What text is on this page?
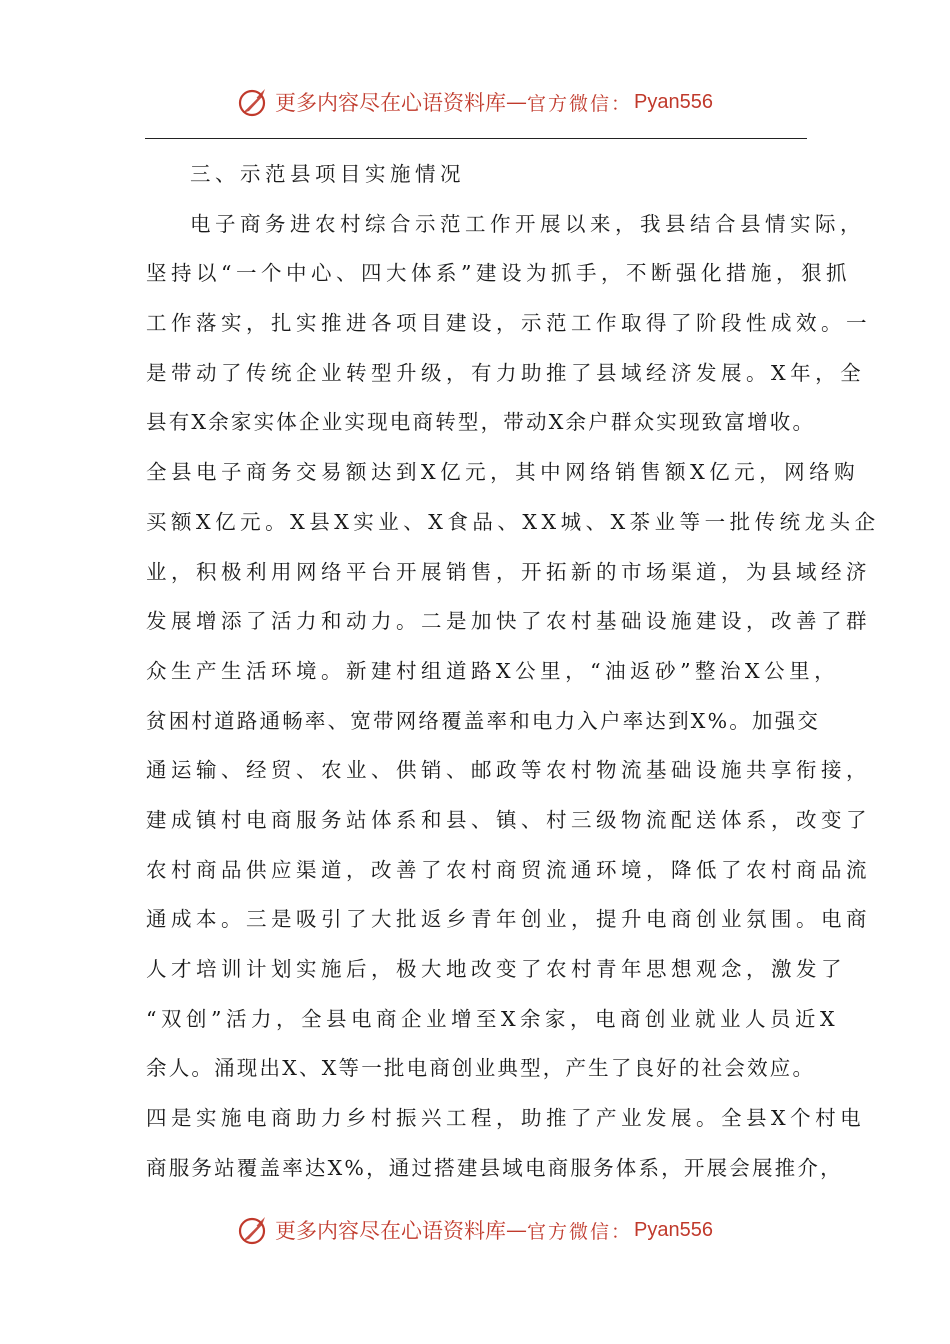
更多内容尽在心语资料库 — 官方微信： Pyan556
三、示范县项目实施情况
电子商务进农村综合示范工作开展以来，我县结合县情实际，
坚持以“一个中心、四大体系”建设为抓手，不断强化措施，狠抓
工作落实，扎实推进各项目建设，示范工作取得了阶段性成效。一
是带动了传统企业转型升级，有力助推了县域经济发展。X年，全
县有X余家实体企业实现电商转型，带动X余户群众实现致富增收。
全县电子商务交易额达到X亿元，其中网络销售额X亿元，网络购
买额X亿元。X县X实业、X食品、XX城、X茶业等一批传统龙头企
业，积极利用网络平台开展销售，开拓新的市场渠道，为县域经济
发展增添了活力和动力。二是加快了农村基础设施建设，改善了群
众生产生活环境。新建村组道路X公里，“油返砂”整治X公里，
贫困村道路通畅率、宽带网络覆盖率和电力入户率达到X%。加强交
通运输、经贸、农业、供销、邮政等农村物流基础设施共享衔接，
建成镇村电商服务站体系和县、镇、村三级物流配送体系，改变了
农村商品供应渠道，改善了农村商贸流通环境，降低了农村商品流
通成本。三是吸引了大批返乡青年创业，提升电商创业氛围。电商
人才培训计划实施后，极大地改变了农村青年思想观念，激发了
“双创”活力，全县电商企业增至X余家，电商创业就业人员近X
余人。涌现出X、X等一批电商创业典型，产生了良好的社会效应。
四是实施电商助力乡村振兴工程，助推了产业发展。全县X个村电
商服务站覆盖率达X%，通过搭建县域电商服务体系，开展会展推介，
更多内容尽在心语资料库 — 官方微信： Pyan556
